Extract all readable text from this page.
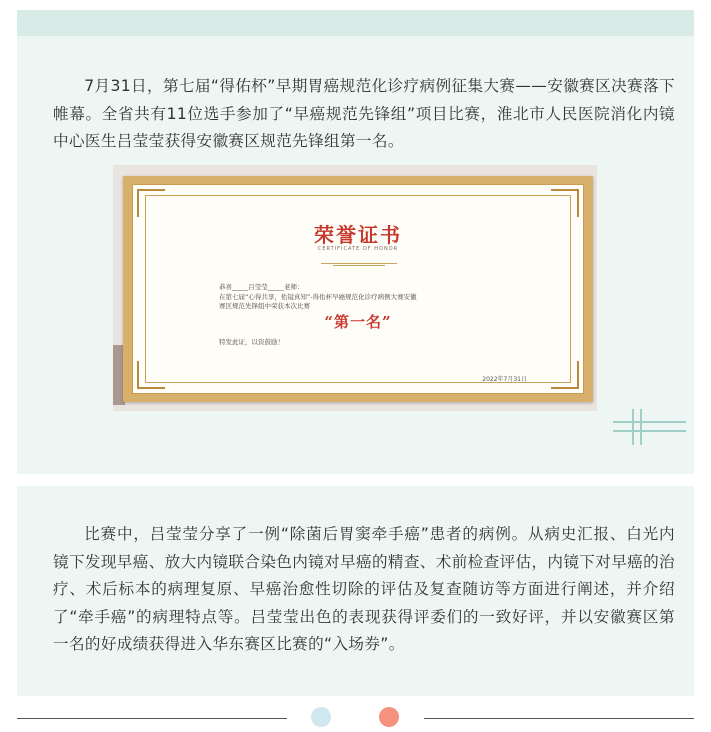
7月31日，第七届“得佑杯”早期胃癌规范化诊疗病例征集大赛——安徽赛区决赛落下帷幕。全省共有11位选手参加了“早癌规范先锋组”项目比赛，淮北市人民医院消化内镜中心医生吕莹莹获得安徽赛区规范先锋组第一名。

荣誉证书
CERTIFICATE OF HONOR
恭喜_____吕莹莹_____老师：
在第七届“心得共享，佑镜真知”-得佑杯早癌规范化诊疗病例大赛安徽
赛区规范先锋组中荣获本次比赛
“第一名”
特发此证，以资鼓励！
2022年7月31日

比赛中，吕莹莹分享了一例“除菌后胃窦牵手癌”患者的病例。从病史汇报、白光内镜下发现早癌、放大内镜联合染色内镜对早癌的精查、术前检查评估，内镜下对早癌的治疗、术后标本的病理复原、早癌治愈性切除的评估及复查随访等方面进行阐述，并介绍了“牵手癌”的病理特点等。吕莹莹出色的表现获得评委们的一致好评，并以安徽赛区第一名的好成绩获得进入华东赛区比赛的“入场券”。
